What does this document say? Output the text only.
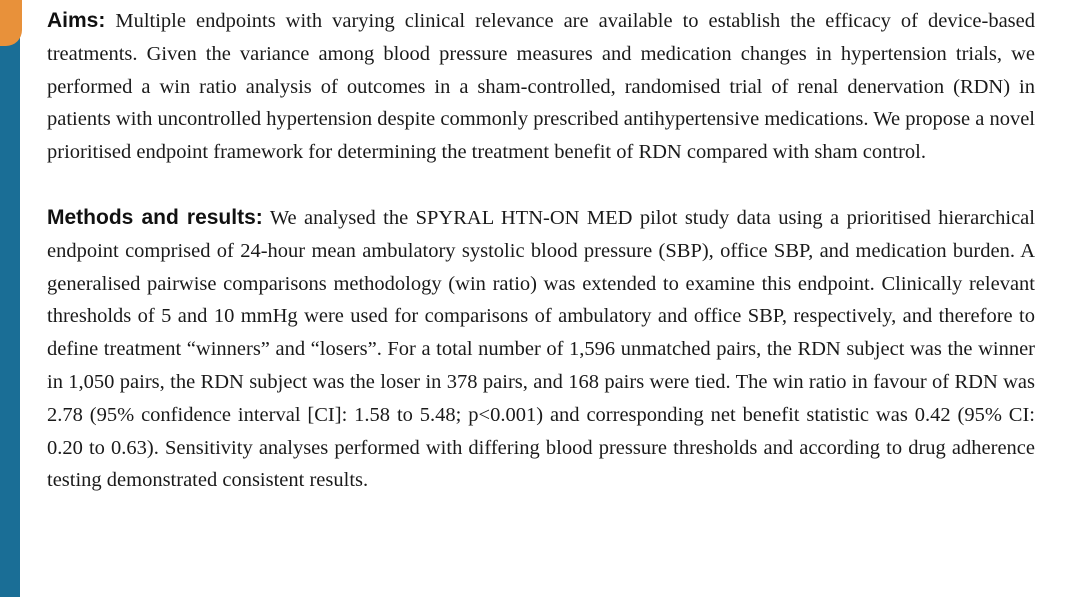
Aims: Multiple endpoints with varying clinical relevance are available to establish the efficacy of device-based treatments. Given the variance among blood pressure measures and medication changes in hypertension trials, we performed a win ratio analysis of outcomes in a sham-controlled, randomised trial of renal denervation (RDN) in patients with uncontrolled hypertension despite commonly prescribed antihypertensive medications. We propose a novel prioritised endpoint framework for determining the treatment benefit of RDN compared with sham control.

Methods and results: We analysed the SPYRAL HTN-ON MED pilot study data using a prioritised hierarchical endpoint comprised of 24-hour mean ambulatory systolic blood pressure (SBP), office SBP, and medication burden. A generalised pairwise comparisons methodology (win ratio) was extended to examine this endpoint. Clinically relevant thresholds of 5 and 10 mmHg were used for comparisons of ambulatory and office SBP, respectively, and therefore to define treatment “winners” and “losers”. For a total number of 1,596 unmatched pairs, the RDN subject was the winner in 1,050 pairs, the RDN subject was the loser in 378 pairs, and 168 pairs were tied. The win ratio in favour of RDN was 2.78 (95% confidence interval [CI]: 1.58 to 5.48; p<0.001) and corresponding net benefit statistic was 0.42 (95% CI: 0.20 to 0.63). Sensitivity analyses performed with differing blood pressure thresholds and according to drug adherence testing demonstrated consistent results.
